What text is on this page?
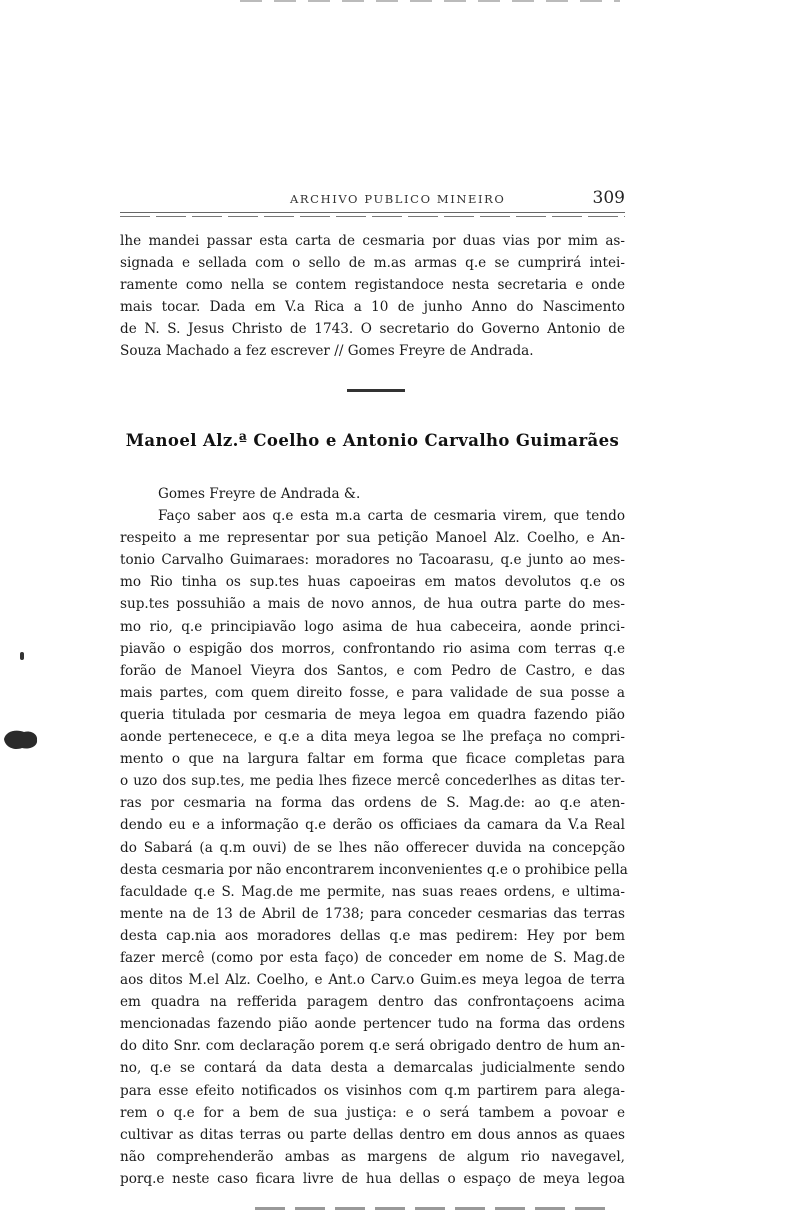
ARCHIVO PUBLICO MINEIRO	309
lhe mandei passar esta carta de cesmaria por duas vias por mim as-
signada e sellada com o sello de m.as armas q.e se cumprirá intei-
ramente como nella se contem registandoce nesta secretaria e onde
mais tocar. Dada em V.a Rica a 10 de junho Anno do Nascimento
de N. S. Jesus Christo de 1743. O secretario do Governo Antonio de
Souza Machado a fez escrever // Gomes Freyre de Andrada.
Manoel Alz.ª Coelho e Antonio Carvalho Guimarães
Gomes Freyre de Andrada &.
Faço saber aos q.e esta m.a carta de cesmaria virem, que tendo
respeito a me representar por sua petição Manoel Alz. Coelho, e An-
tonio Carvalho Guimaraes: moradores no Tacoarasu, q.e junto ao mes-
mo Rio tinha os sup.tes huas capoeiras em matos devolutos q.e os
sup.tes possuhião a mais de novo annos, de hua outra parte do mes-
mo rio, q.e principiavão logo asima de hua cabeceira, aonde princi-
piavão o espigão dos morros, confrontando rio asima com terras q.e
forão de Manoel Vieyra dos Santos, e com Pedro de Castro, e das
mais partes, com quem direito fosse, e para validade de sua posse a
queria titulada por cesmaria de meya legoa em quadra fazendo pião
aonde pertenecece, e q.e a dita meya legoa se lhe prefaça no compri-
mento o que na largura faltar em forma que ficace completas para
o uzo dos sup.tes, me pedia lhes fizece mercê concederlhes as ditas ter-
ras por cesmaria na forma das ordens de S. Mag.de: ao q.e aten-
dendo eu e a informação q.e derão os officiaes da camara da V.a Real
do Sabará (a q.m ouvi) de se lhes não offerecer duvida na concepção
desta cesmaria por não encontrarem inconvenientes q.e o prohibice pella
faculdade q.e S. Mag.de me permite, nas suas reaes ordens, e ultima-
mente na de 13 de Abril de 1738; para conceder cesmarias das terras
desta cap.nia aos moradores dellas q.e mas pedirem: Hey por bem
fazer mercê (como por esta faço) de conceder em nome de S. Mag.de
aos ditos M.el Alz. Coelho, e Ant.o Carv.o Guim.es meya legoa de terra
em quadra na refferida paragem dentro das confrontaçoens acima
mencionadas fazendo pião aonde pertencer tudo na forma das ordens
do dito Snr. com declaração porem q.e será obrigado dentro de hum an-
no, q.e se contará da data desta a demarcalas judicialmente sendo
para esse efeito notificados os visinhos com q.m partirem para alega-
rem o q.e for a bem de sua justiça: e o será tambem a povoar e
cultivar as ditas terras ou parte dellas dentro em dous annos as quaes
não comprehenderão ambas as margens de algum rio navegavel,
porq.e neste caso ficara livre de hua dellas o espaço de meya legoa
